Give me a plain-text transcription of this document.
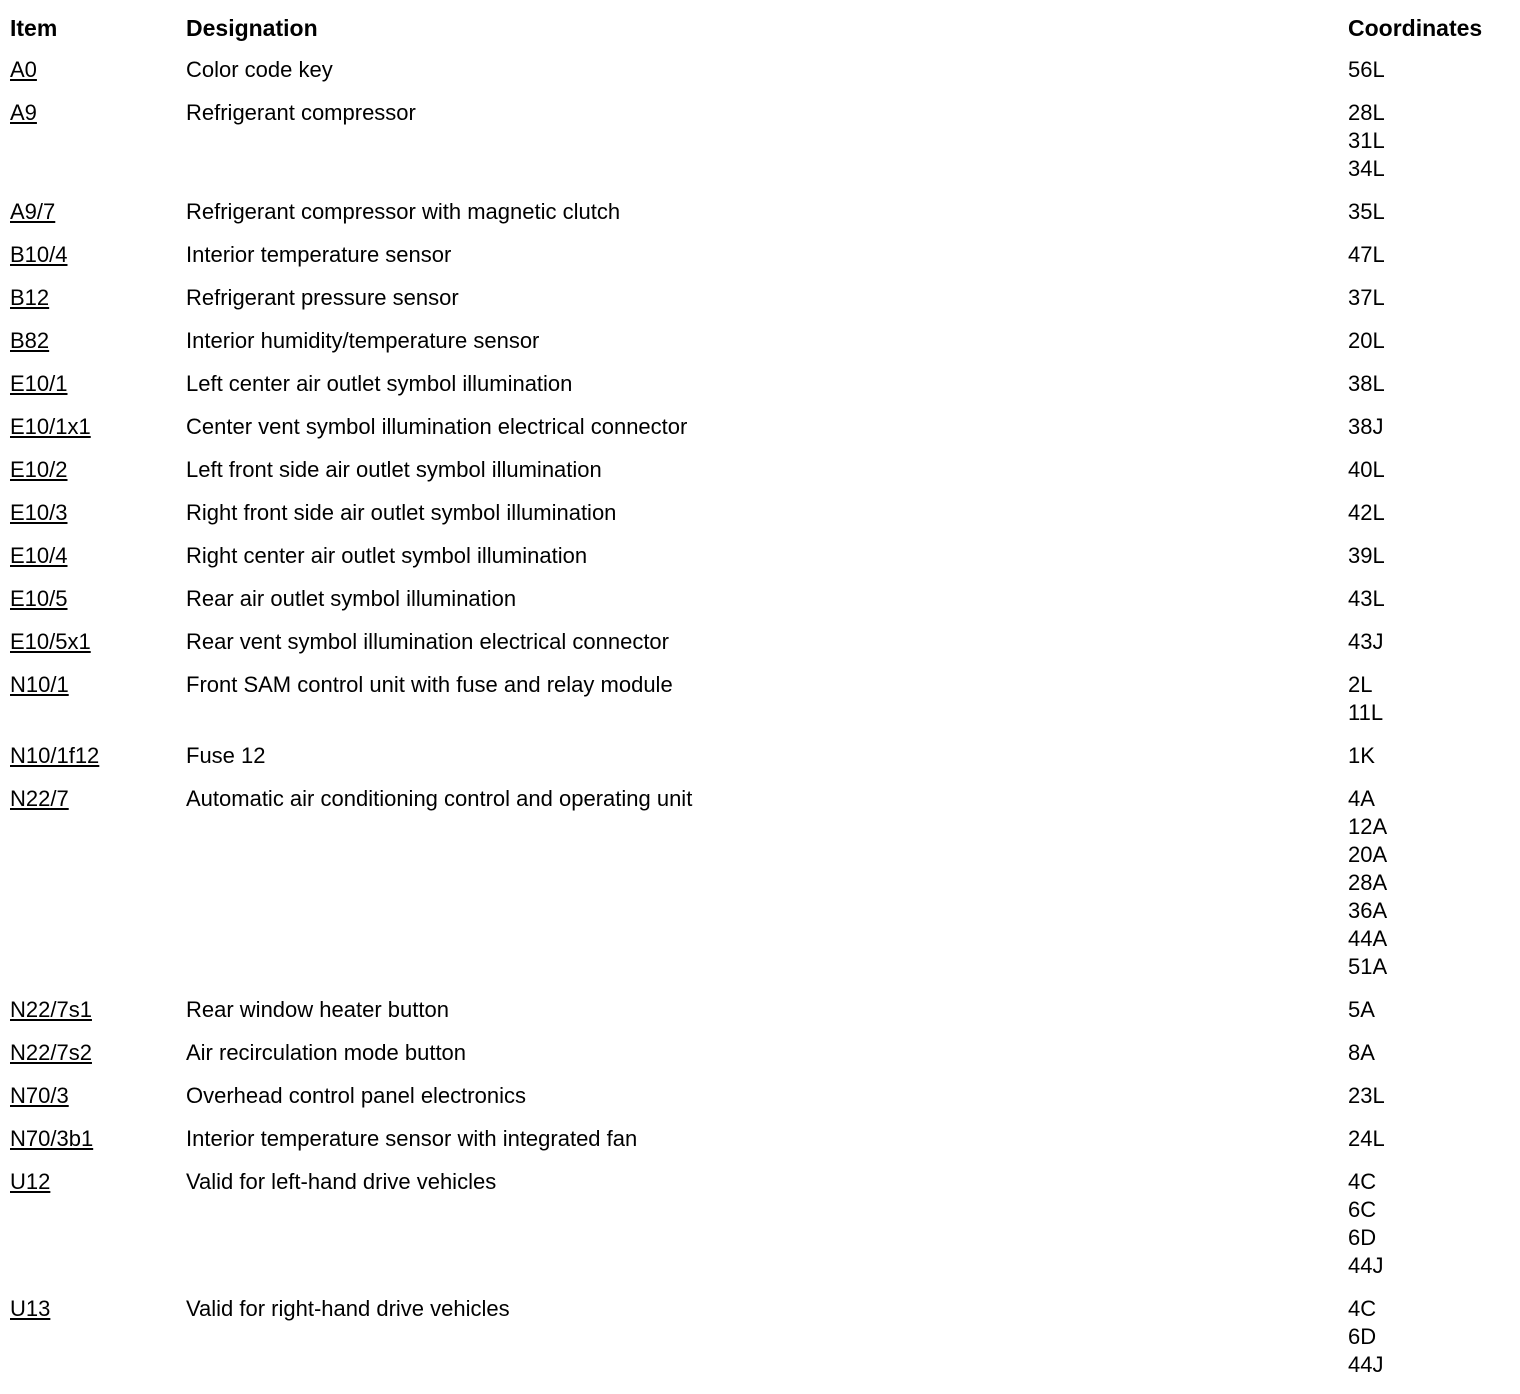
Item	Designation	Coordinates
A0	Color code key	56L
A9	Refrigerant compressor	28L
31L
34L
A9/7	Refrigerant compressor with magnetic clutch	35L
B10/4	Interior temperature sensor	47L
B12	Refrigerant pressure sensor	37L
B82	Interior humidity/temperature sensor	20L
E10/1	Left center air outlet symbol illumination	38L
E10/1x1	Center vent symbol illumination electrical connector	38J
E10/2	Left front side air outlet symbol illumination	40L
E10/3	Right front side air outlet symbol illumination	42L
E10/4	Right center air outlet symbol illumination	39L
E10/5	Rear air outlet symbol illumination	43L
E10/5x1	Rear vent symbol illumination electrical connector	43J
N10/1	Front SAM control unit with fuse and relay module	2L
11L
N10/1f12	Fuse 12	1K
N22/7	Automatic air conditioning control and operating unit	4A
12A
20A
28A
36A
44A
51A
N22/7s1	Rear window heater button	5A
N22/7s2	Air recirculation mode button	8A
N70/3	Overhead control panel electronics	23L
N70/3b1	Interior temperature sensor with integrated fan	24L
U12	Valid for left-hand drive vehicles	4C
6C
6D
44J
U13	Valid for right-hand drive vehicles	4C
6D
44J
